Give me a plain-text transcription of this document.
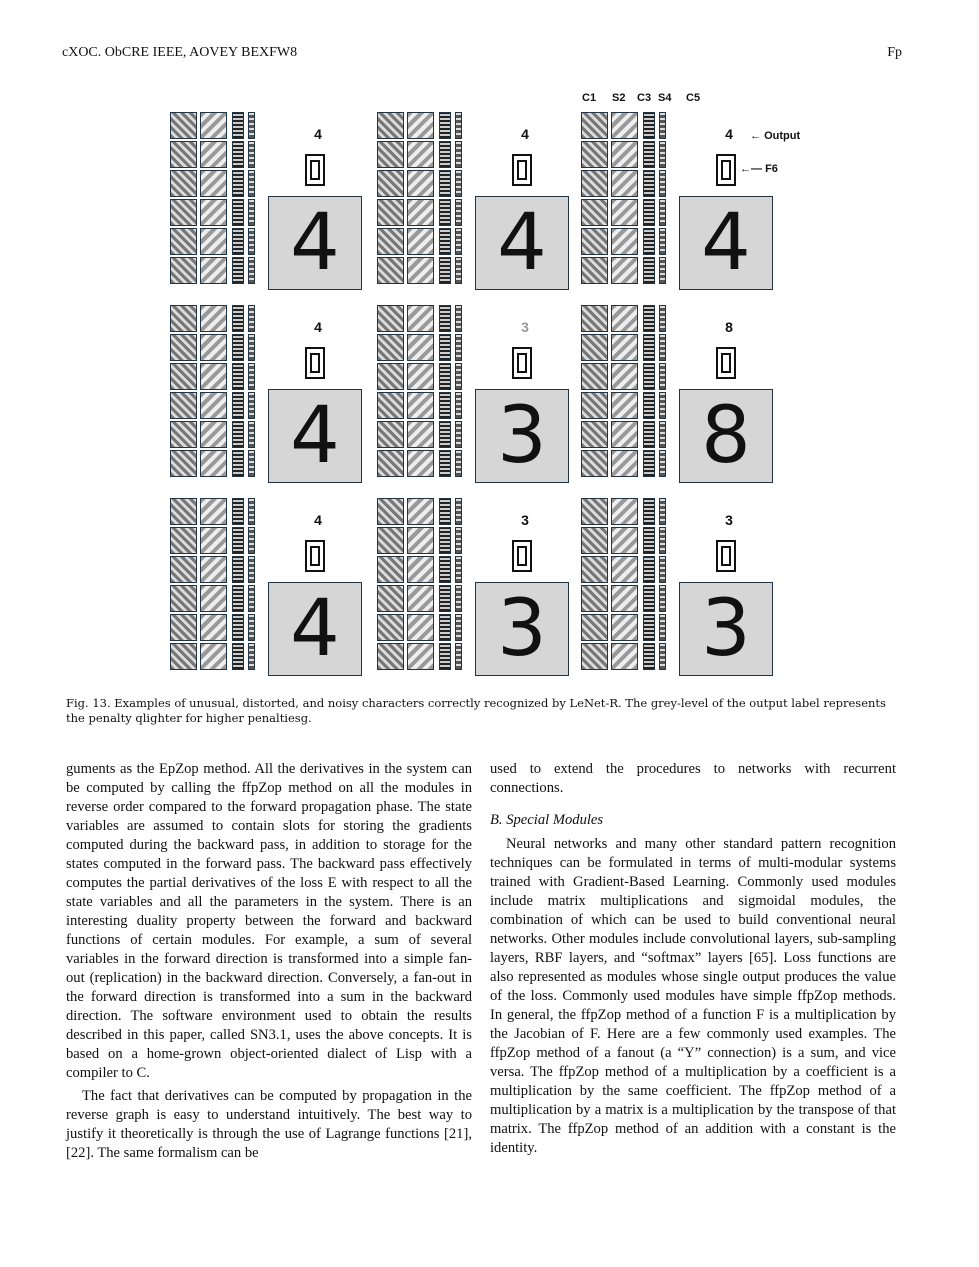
cXOC. ObCRE IEEE, AOVEY BEXFW8	Fp
C1 S2 C3 S4 C5
← Output
←— F6
4
4
4
4
4
4
4
4
3
3
8
8
4
4
3
3
3
3
Fig. 13. Examples of unusual, distorted, and noisy characters correctly recognized by LeNet-R. The grey-level of the output label represents the penalty qlighter for higher penaltiesg.

guments as the EpZop method. All the derivatives in the system can be computed by calling the ffpZop method on all the modules in reverse order compared to the forward propagation phase. The state variables are assumed to contain slots for storing the gradients computed during the backward pass, in addition to storage for the states computed in the forward pass. The backward pass effectively computes the partial derivatives of the loss E with respect to all the state variables and all the parameters in the system. There is an interesting duality property between the forward and backward functions of certain modules. For example, a sum of several variables in the forward direction is transformed into a simple fan-out (replication) in the backward direction. Conversely, a fan-out in the forward direction is transformed into a sum in the backward direction. The software environment used to obtain the results described in this paper, called SN3.1, uses the above concepts. It is based on a home-grown object-oriented dialect of Lisp with a compiler to C.

The fact that derivatives can be computed by propagation in the reverse graph is easy to understand intuitively. The best way to justify it theoretically is through the use of Lagrange functions [21], [22]. The same formalism can be

used to extend the procedures to networks with recurrent connections.

B. Special Modules

Neural networks and many other standard pattern recognition techniques can be formulated in terms of multi-modular systems trained with Gradient-Based Learning. Commonly used modules include matrix multiplications and sigmoidal modules, the combination of which can be used to build conventional neural networks. Other modules include convolutional layers, sub-sampling layers, RBF layers, and “softmax” layers [65]. Loss functions are also represented as modules whose single output produces the value of the loss. Commonly used modules have simple ffpZop methods. In general, the ffpZop method of a function F is a multiplication by the Jacobian of F. Here are a few commonly used examples. The ffpZop method of a fanout (a “Y” connection) is a sum, and vice versa. The ffpZop method of a multiplication by a coefficient is a multiplication by the same coefficient. The ffpZop method of a multiplication by a matrix is a multiplication by the transpose of that matrix. The ffpZop method of an addition with a constant is the identity.
